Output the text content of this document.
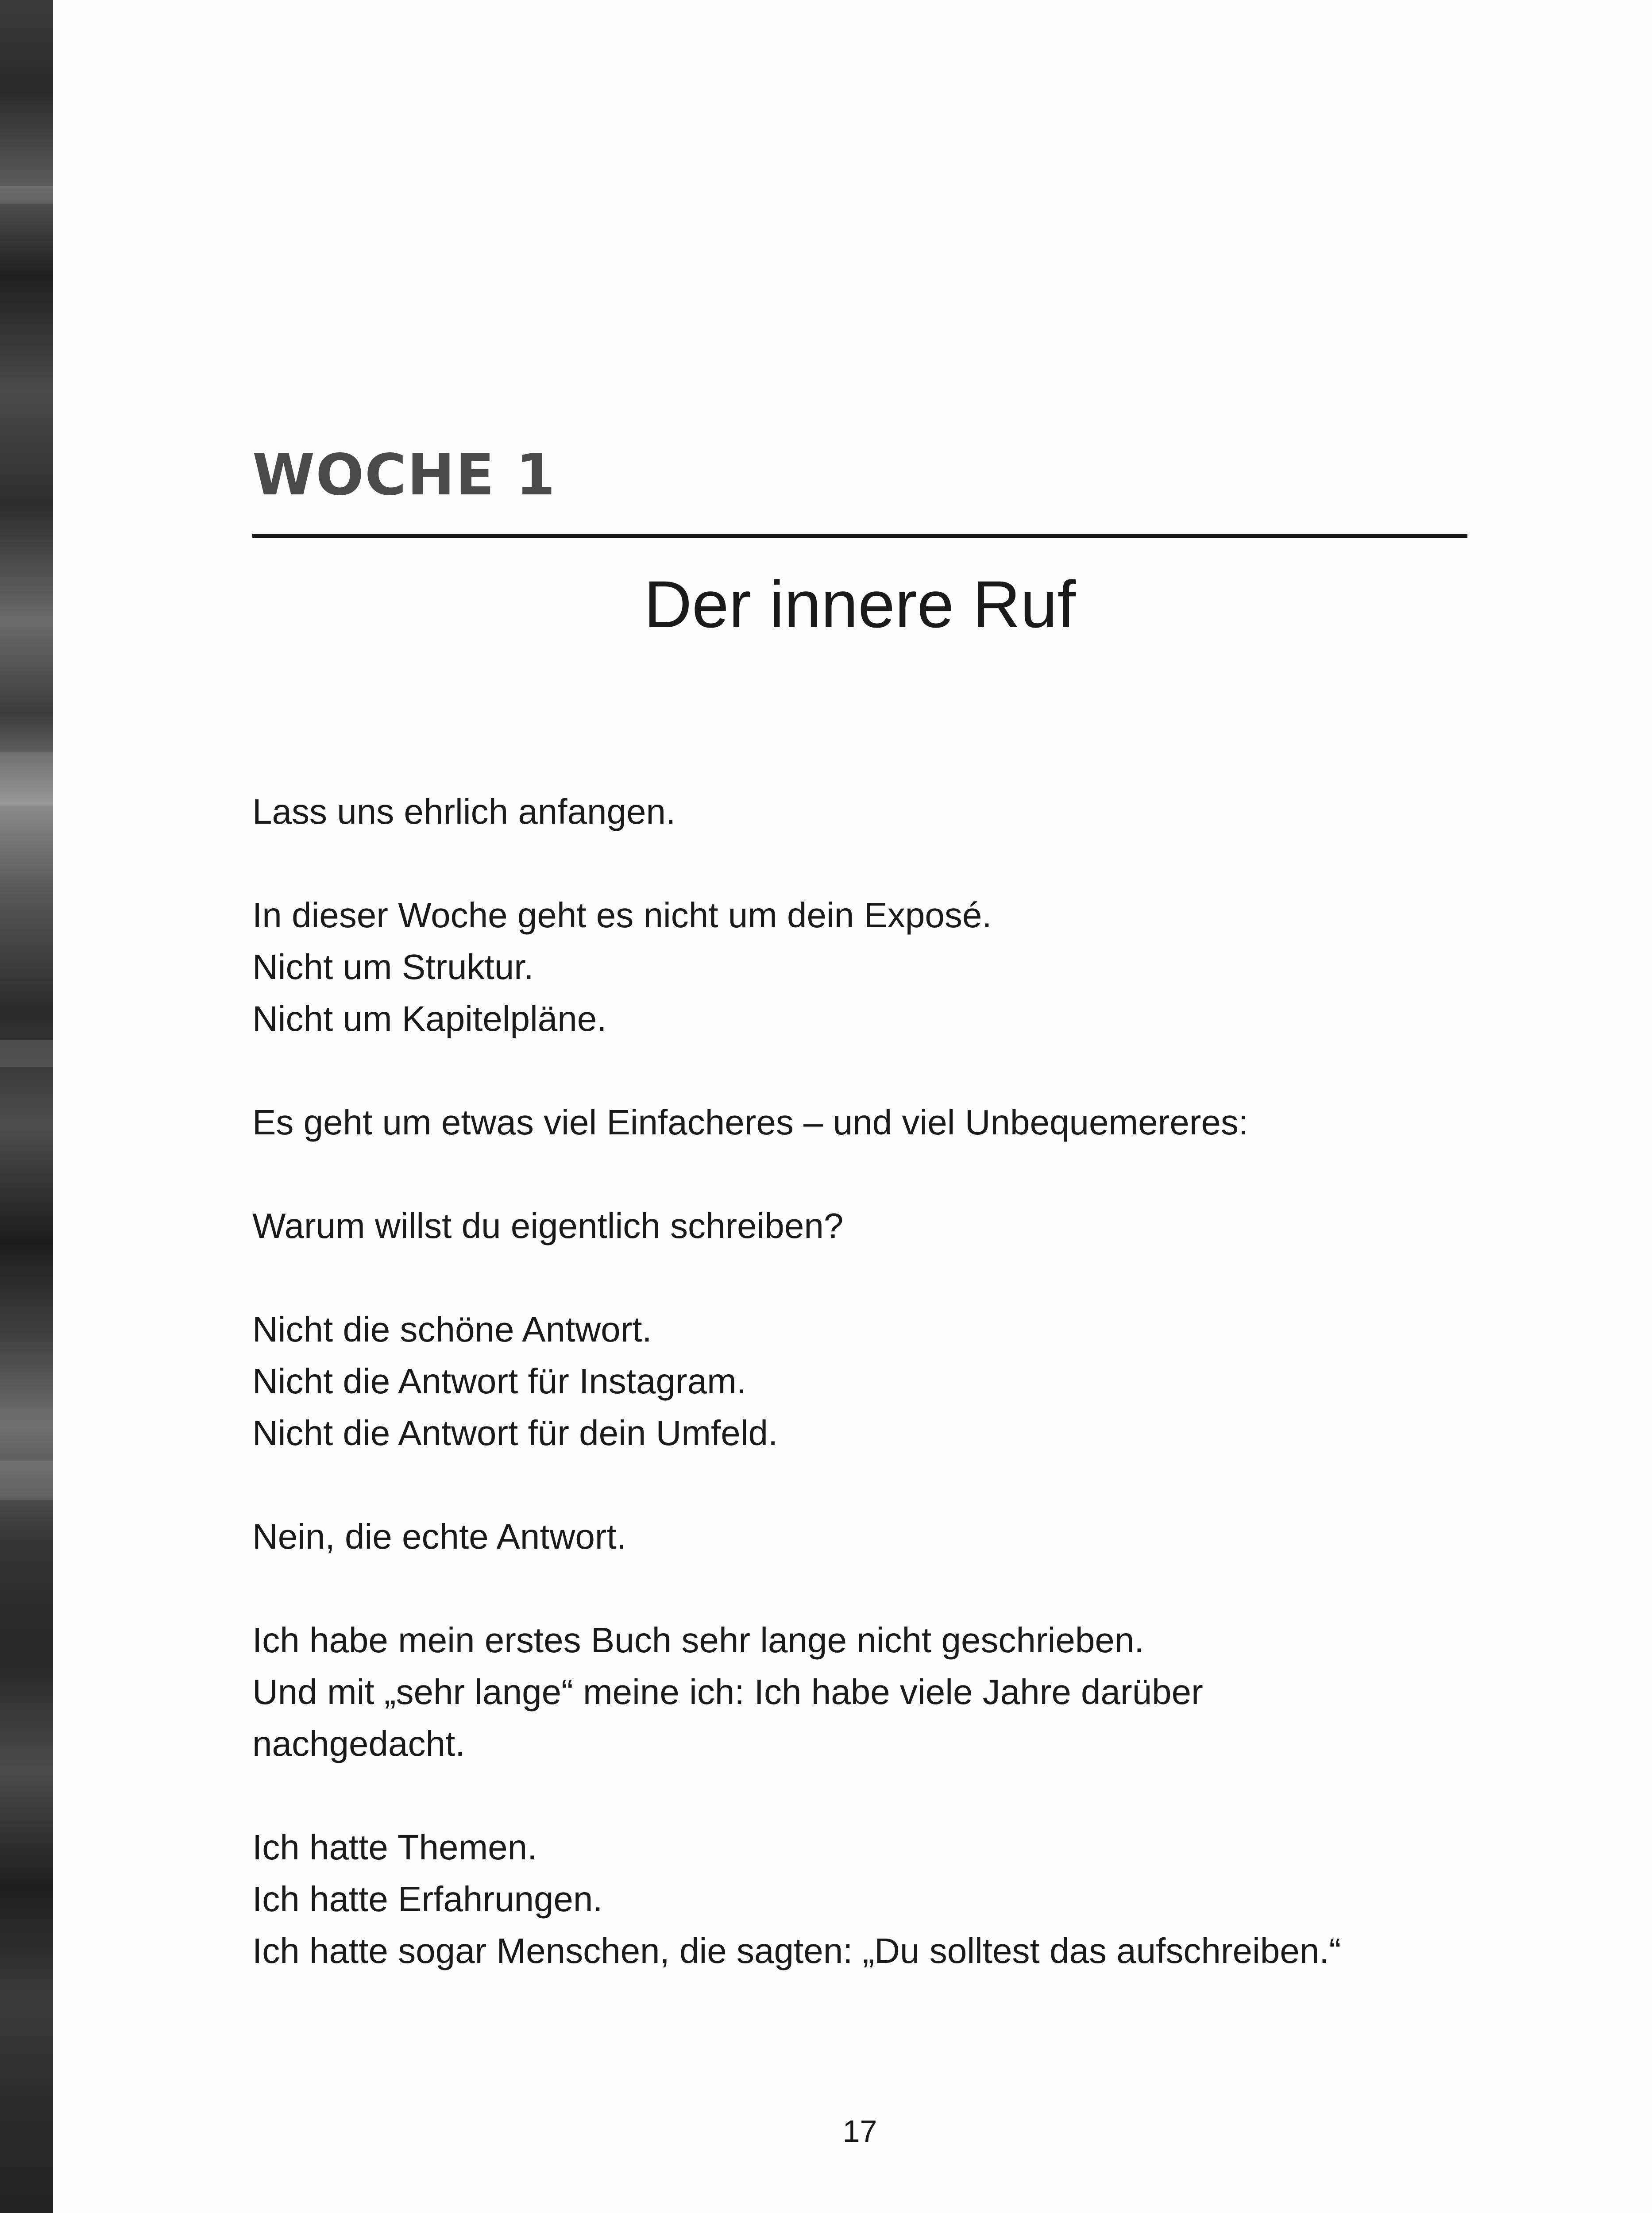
WOCHE 1
Der innere Ruf
Lass uns ehrlich anfangen.
In dieser Woche geht es nicht um dein Exposé.
Nicht um Struktur.
Nicht um Kapitelpläne.
Es geht um etwas viel Einfacheres – und viel Unbequemereres:
Warum willst du eigentlich schreiben?
Nicht die schöne Antwort.
Nicht die Antwort für Instagram.
Nicht die Antwort für dein Umfeld.
Nein, die echte Antwort.
Ich habe mein erstes Buch sehr lange nicht geschrieben.
Und mit „sehr lange“ meine ich: Ich habe viele Jahre darüber
nachgedacht.
Ich hatte Themen.
Ich hatte Erfahrungen.
Ich hatte sogar Menschen, die sagten: „Du solltest das aufschreiben.“
17
